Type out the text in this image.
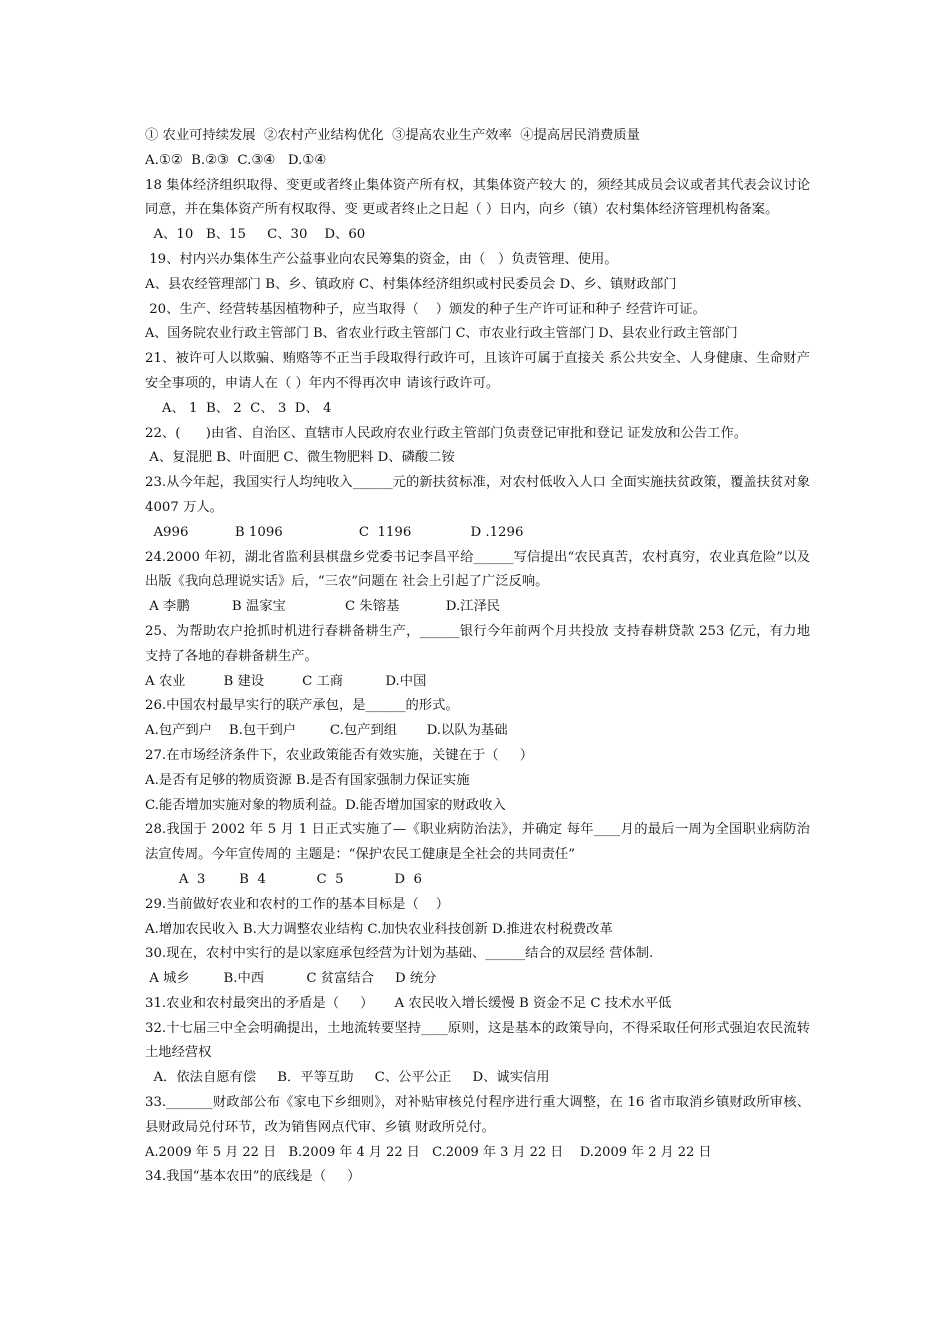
① 农业可持续发展  ②农村产业结构优化  ③提高农业生产效率  ④提高居民消费质量
A.①②  B.②③  C.③④   D.①④
18 集体经济组织取得、变更或者终止集体资产所有权，其集体资产较大 的，须经其成员会议或者其代表会议讨论同意，并在集体资产所有权取得、变 更或者终止之日起（ ）日内，向乡（镇）农村集体经济管理机构备案。
A、10   B、15     C、30    D、60
19、村内兴办集体生产公益事业向农民筹集的资金，由（   ）负责管理、使用。
A、县农经管理部门 B、乡、镇政府 C、村集体经济组织或村民委员会 D、乡、镇财政部门
20、生产、经营转基因植物种子，应当取得（    ）颁发的种子生产许可证和种子 经营许可证。
A、国务院农业行政主管部门 B、省农业行政主管部门 C、市农业行政主管部门 D、县农业行政主管部门
21、被许可人以欺骗、贿赂等不正当手段取得行政许可，且该许可属于直接关 系公共安全、人身健康、生命财产安全事项的，申请人在（ ）年内不得再次申 请该行政许可。
A、 1  B、 2  C、 3  D、 4
22、(      )由省、自治区、直辖市人民政府农业行政主管部门负责登记审批和登记 证发放和公告工作。
A、复混肥 B、叶面肥 C、微生物肥料 D、磷酸二铵
23.从今年起，我国实行人均纯收入______元的新扶贫标准，对农村低收入人口 全面实施扶贫政策，覆盖扶贫对象 4007 万人。
A996           B 1096                  C  1196              D .1296
24.2000 年初，湖北省监利县棋盘乡党委书记李昌平给______写信提出“农民真苦，农村真穷，农业真危险”以及出版《我向总理说实话》后，“三农”问题在 社会上引起了广泛反响。
A 李鹏          B 温家宝              C 朱镕基           D.江泽民
25、为帮助农户抢抓时机进行春耕备耕生产，______银行今年前两个月共投放 支持春耕贷款 253 亿元，有力地支持了各地的春耕备耕生产。
A 农业         B 建设         C 工商          D.中国
26.中国农村最早实行的联产承包，是______的形式。
A.包产到户    B.包干到户        C.包产到组       D.以队为基础
27.在市场经济条件下，农业政策能否有效实施，关键在于（     ）
A.是否有足够的物质资源 B.是否有国家强制力保证实施
C.能否增加实施对象的物质利益。D.能否增加国家的财政收入
28.我国于 2002 年 5 月 1 日正式实施了—《职业病防治法》，并确定 每年____月的最后一周为全国职业病防治法宣传周。今年宣传周的 主题是：“保护农民工健康是全社会的共同责任”
A  3        B  4            C  5            D  6
29.当前做好农业和农村的工作的基本目标是（    ）
A.增加农民收入 B.大力调整农业结构 C.加快农业科技创新 D.推进农村税费改革
30.现在，农村中实行的是以家庭承包经营为计划为基础、______结合的双层经 营体制.
A 城乡        B.中西          C 贫富结合     D 统分
31.农业和农村最突出的矛盾是（     ）     A 农民收入增长缓慢 B 资金不足 C 技术水平低
32.十七届三中全会明确提出，土地流转要坚持____原则，这是基本的政策导向，不得采取任何形式强迫农民流转土地经营权
A．依法自愿有偿     B．平等互助     C、公平公正     D、诚实信用
33._______财政部公布《家电下乡细则》，对补贴审核兑付程序进行重大调整，在 16 省市取消乡镇财政所审核、县财政局兑付环节，改为销售网点代审、乡镇 财政所兑付。
A.2009 年 5 月 22 日   B.2009 年 4 月 22 日   C.2009 年 3 月 22 日    D.2009 年 2 月 22 日
34.我国“基本农田”的底线是（     ）
